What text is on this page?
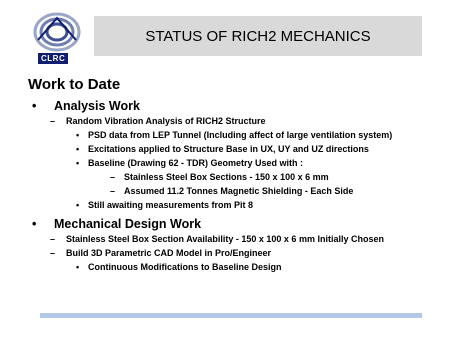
CLRC
STATUS OF RICH2 MECHANICS
Work to Date
•	Analysis Work
–	Random Vibration Analysis of RICH2 Structure
• PSD data from LEP Tunnel (Including affect of large ventilation system)
• Excitations applied to Structure Base in UX, UY and UZ directions
• Baseline (Drawing 62 - TDR) Geometry Used with :
– Stainless Steel Box Sections - 150 x 100 x 6 mm
– Assumed 11.2 Tonnes Magnetic Shielding - Each Side
• Still awaiting measurements from Pit 8
•	Mechanical Design Work
–	Stainless Steel Box Section Availability - 150 x 100 x 6 mm Initially Chosen
–	Build 3D Parametric CAD Model in Pro/Engineer
• Continuous Modifications to Baseline Design
